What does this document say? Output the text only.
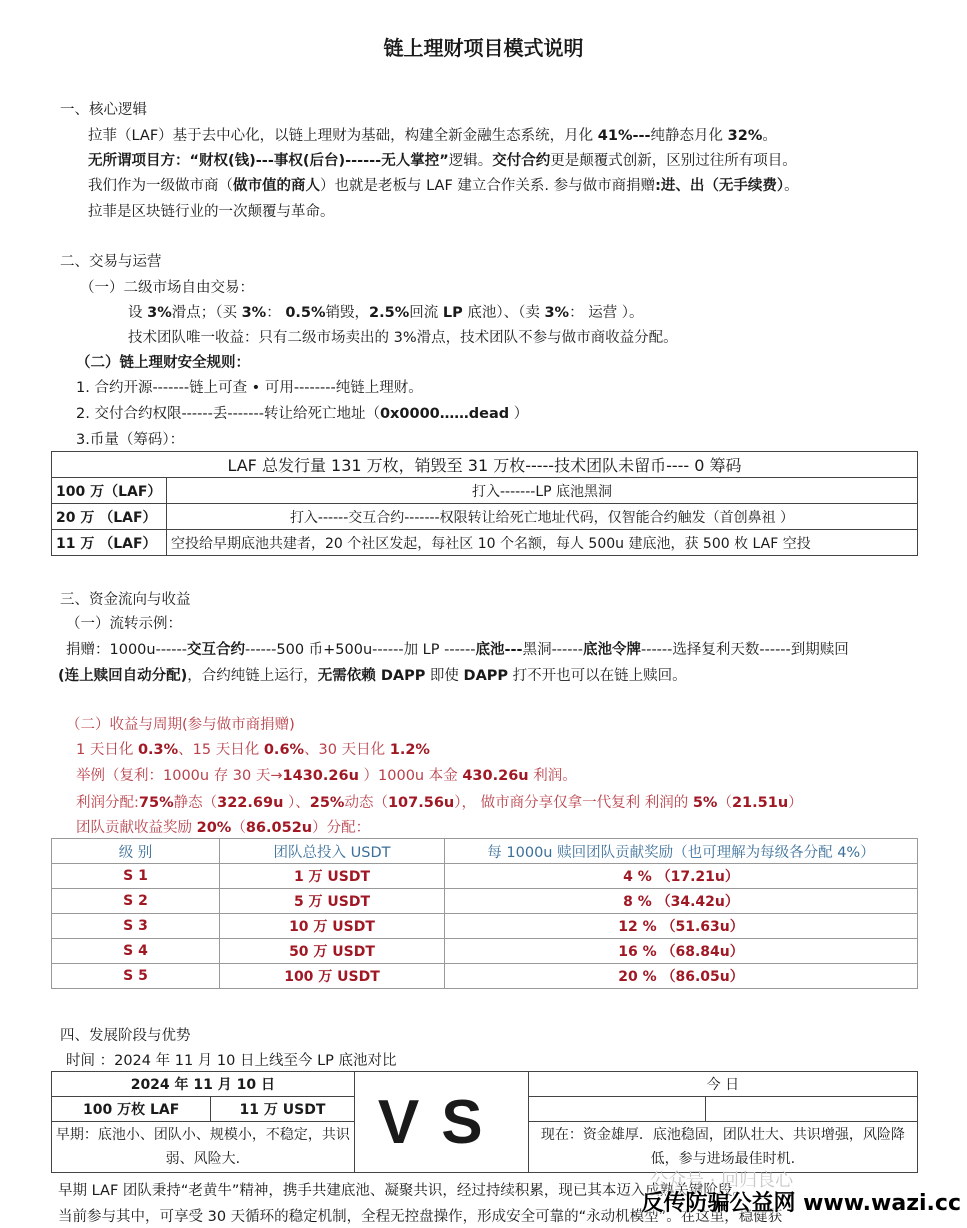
链上理财项目模式说明
一、核心逻辑
拉菲（LAF）基于去中心化，以链上理财为基础，构建全新金融生态系统，月化 41%---纯静态月化 32%。
无所谓项目方：“财权(钱)---事权(后台)------无人掌控”逻辑。交付合约更是颠覆式创新，区别过往所有项目。
我们作为一级做市商（做市值的商人）也就是老板与 LAF 建立合作关系. 参与做市商捐赠:进、出（无手续费）。
拉菲是区块链行业的一次颠覆与革命。
二、交易与运营
（一）二级市场自由交易：
设 3%滑点；（买 3%： 0.5%销毁，2.5%回流 LP 底池）、（卖 3%： 运营 ）。
技术团队唯一收益：只有二级市场卖出的 3%滑点，技术团队不参与做市商收益分配。
（二）链上理财安全规则：
1. 合约开源-------链上可查 • 可用--------纯链上理财。
2. 交付合约权限------丢-------转让给死亡地址（0x0000……dead ）
3.币量（筹码）：
三、资金流向与收益
（一）流转示例：
捐赠：1000u------交互合约------500 币+500u------加 LP ------底池---黑洞------底池令牌------选择复利天数------到期赎回
(连上赎回自动分配)，合约纯链上运行，无需依赖 DAPP 即使 DAPP 打不开也可以在链上赎回。
（二）收益与周期(参与做市商捐赠)
1 天日化 0.3%、15 天日化 0.6%、30 天日化 1.2%
举例（复利：1000u 存 30 天→1430.26u ）1000u 本金 430.26u 利润。
利润分配:75%静态（322.69u ）、25%动态（107.56u）， 做市商分享仅拿一代复利 利润的 5%（21.51u）
团队贡献收益奖励 20%（86.052u）分配：
四、发展阶段与优势
时间 ：2024 年 11 月 10 日上线至今 LP 底池对比
早期 LAF 团队秉持“老黄牛”精神，携手共建底池、凝聚共识，经过持续积累，现已其本迈入成熟关键阶段。
当前参与其中，可享受 30 天循环的稳定机制，全程无控盘操作，形成安全可靠的“永动机模型”。在这里，稳健获
LAF 总发行量 131 万枚，销毁至 31 万枚-----技术团队未留币---- 0 筹码	
100 万（LAF）	打入-------LP 底池黑洞
20 万 （LAF）	打入------交互合约-------权限转让给死亡地址代码，仅智能合约触发（首创鼻祖 ）
11 万 （LAF）	空投给早期底池共建者，20 个社区发起，每社区 10 个名额，每人 500u 建底池，获 500 枚 LAF 空投
级 别	团队总投入 USDT	每 1000u 赎回团队贡献奖励（也可理解为每级各分配 4%）
S 1	1 万 USDT	4 % （17.21u）
S 2	5 万 USDT	8 % （34.42u）
S 3	10 万 USDT	12 % （51.63u）
S 4	50 万 USDT	16 % （68.84u）
S 5	100 万 USDT	20 % （86.05u）
2024 年 11 月 10 日		VS	今 日	
100 万枚 LAF	11 万 USDT			
早期：底池小、团队小、规模小，不稳定，共识弱、风险大.			现在：资金雄厚．底池稳固，团队壮大、共识增强，风险降低，参与进场最佳时机.	
公众号 · 回归良心
反传防骗公益网 www.wazi.cc
